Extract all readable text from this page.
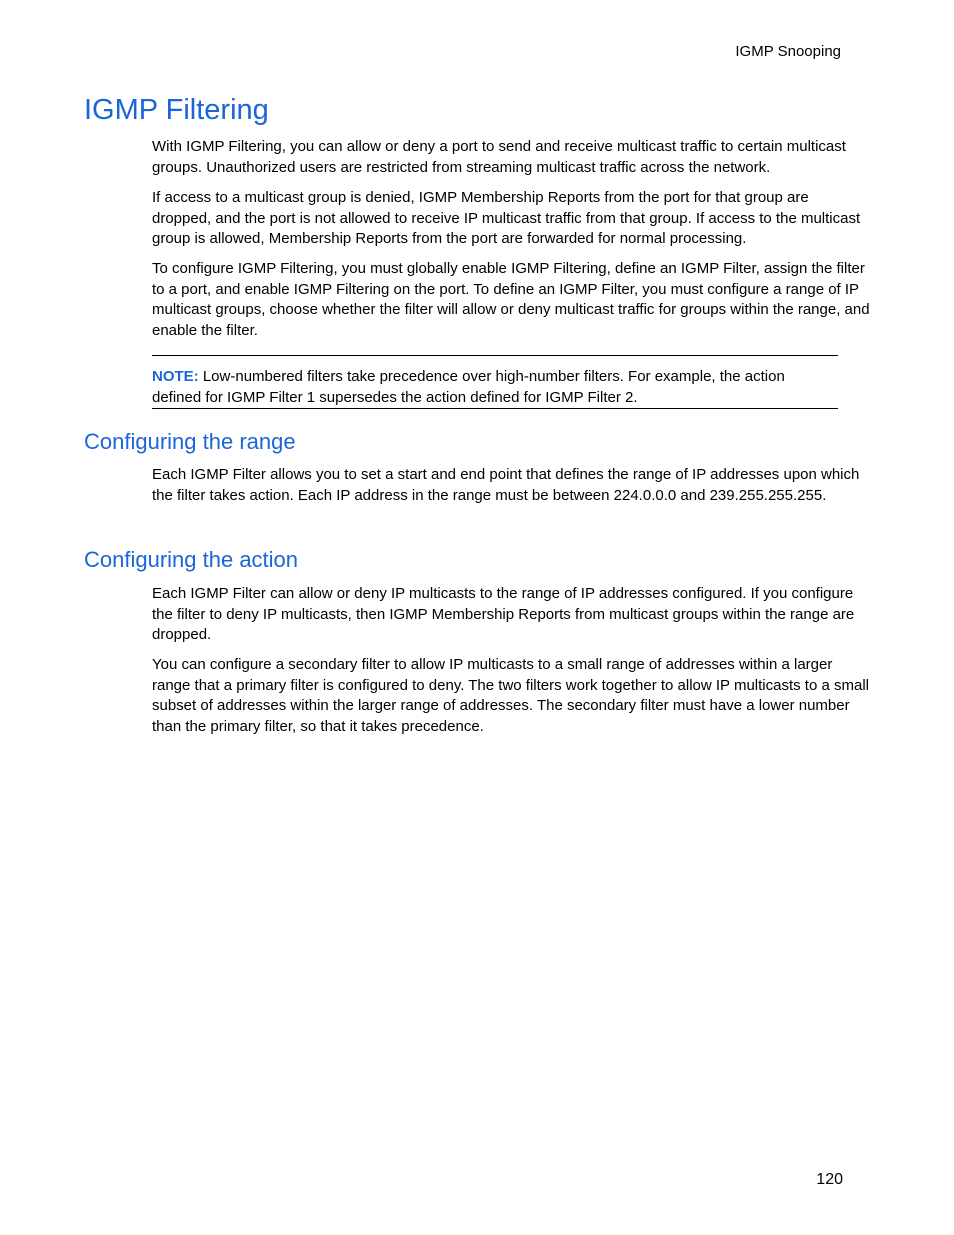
IGMP Snooping
IGMP Filtering

With IGMP Filtering, you can allow or deny a port to send and receive multicast traffic to certain multicast groups. Unauthorized users are restricted from streaming multicast traffic across the network.

If access to a multicast group is denied, IGMP Membership Reports from the port for that group are dropped, and the port is not allowed to receive IP multicast traffic from that group. If access to the multicast group is allowed, Membership Reports from the port are forwarded for normal processing.

To configure IGMP Filtering, you must globally enable IGMP Filtering, define an IGMP Filter, assign the filter to a port, and enable IGMP Filtering on the port. To define an IGMP Filter, you must configure a range of IP multicast groups, choose whether the filter will allow or deny multicast traffic for groups within the range, and enable the filter.

NOTE: Low-numbered filters take precedence over high-number filters. For example, the action defined for IGMP Filter 1 supersedes the action defined for IGMP Filter 2.

Configuring the range

Each IGMP Filter allows you to set a start and end point that defines the range of IP addresses upon which the filter takes action. Each IP address in the range must be between 224.0.0.0 and 239.255.255.255.

Configuring the action

Each IGMP Filter can allow or deny IP multicasts to the range of IP addresses configured. If you configure the filter to deny IP multicasts, then IGMP Membership Reports from multicast groups within the range are dropped.

You can configure a secondary filter to allow IP multicasts to a small range of addresses within a larger range that a primary filter is configured to deny. The two filters work together to allow IP multicasts to a small subset of addresses within the larger range of addresses. The secondary filter must have a lower number than the primary filter, so that it takes precedence.

120
